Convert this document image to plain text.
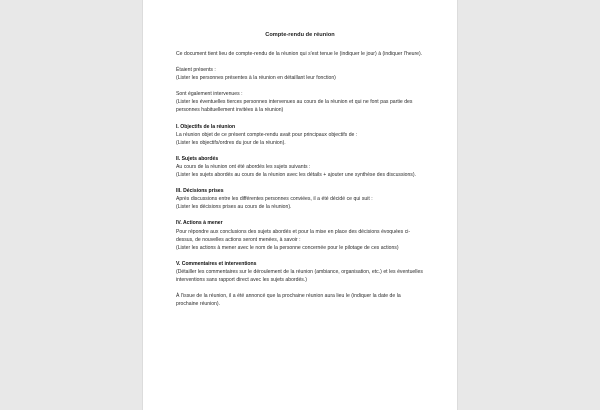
Compte-rendu de réunion

Ce document tient lieu de compte-rendu de la réunion qui s'est tenue le (indiquer le jour) à (indiquer l'heure).

Étaient présents :

(Lister les personnes présentes à la réunion en détaillant leur fonction)

Sont également intervenues :

(Lister les éventuelles tierces personnes intervenues au cours de la réunion et qui ne font pas partie des personnes habituellement invitées à la réunion)

I. Objectifs de la réunion

La réunion objet de ce présent compte-rendu avait pour principaux objectifs de :

(Lister les objectifs/ordres du jour de la réunion).

II. Sujets abordés

Au cours de la réunion ont été abordés les sujets suivants :

(Lister les sujets abordés au cours de la réunion avec les détails + ajouter une synthèse des discussions).

III. Décisions prises

Après discussions entre les différentes personnes conviées, il a été décidé ce qui suit :

(Lister les décisions prises au cours de la réunion).

IV. Actions à mener

Pour répondre aux conclusions des sujets abordés et pour la mise en place des décisions évoquées ci-dessus, de nouvelles actions seront menées, à savoir :

(Lister les actions à mener avec le nom de la personne concernée pour le pilotage de ces actions)

V. Commentaires et interventions

(Détailler les commentaires sur le déroulement de la réunion (ambiance, organisation, etc.) et les éventuelles interventions sans rapport direct avec les sujets abordés.)

À l'issue de la réunion, il a été annoncé que la prochaine réunion aura lieu le (indiquer la date de la prochaine réunion).
